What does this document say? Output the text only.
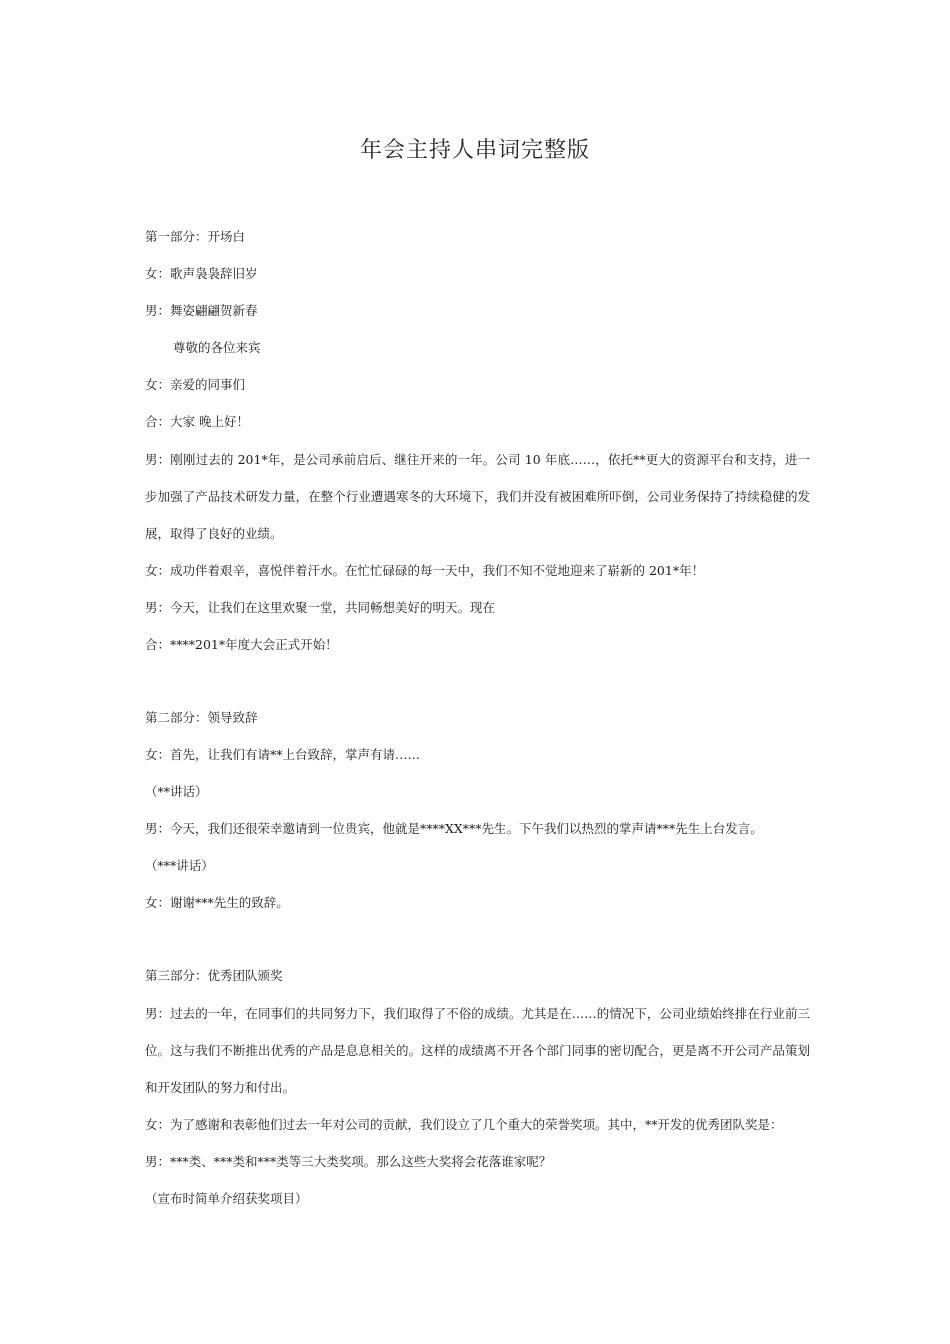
年会主持人串词完整版
第一部分：开场白
女：歌声袅袅辞旧岁
男：舞姿翩翩贺新春
尊敬的各位来宾
女：亲爱的同事们
合：大家 晚上好！
男：刚刚过去的 201*年，是公司承前启后、继往开来的一年。公司 10 年底……，依托**更大的资源平台和支持，进一步加强了产品技术研发力量，在整个行业遭遇寒冬的大环境下，我们并没有被困难所吓倒，公司业务保持了持续稳健的发展，取得了良好的业绩。
女：成功伴着艰辛，喜悦伴着汗水。在忙忙碌碌的每一天中，我们不知不觉地迎来了崭新的 201*年！
男：今天，让我们在这里欢聚一堂，共同畅想美好的明天。现在
合：****201*年度大会正式开始！
第二部分：领导致辞
女：首先，让我们有请**上台致辞，掌声有请……
（**讲话）
男：今天，我们还很荣幸邀请到一位贵宾，他就是****XX***先生。下午我们以热烈的掌声请***先生上台发言。
（***讲话）
女：谢谢***先生的致辞。
第三部分：优秀团队颁奖
男：过去的一年，在同事们的共同努力下，我们取得了不俗的成绩。尤其是在……的情况下，公司业绩始终排在行业前三位。这与我们不断推出优秀的产品是息息相关的。这样的成绩离不开各个部门同事的密切配合，更是离不开公司产品策划和开发团队的努力和付出。
女：为了感谢和表彰他们过去一年对公司的贡献，我们设立了几个重大的荣誉奖项。其中，**开发的优秀团队奖是：
男：***类、***类和***类等三大类奖项。那么这些大奖将会花落谁家呢？
（宣布时简单介绍获奖项目）
